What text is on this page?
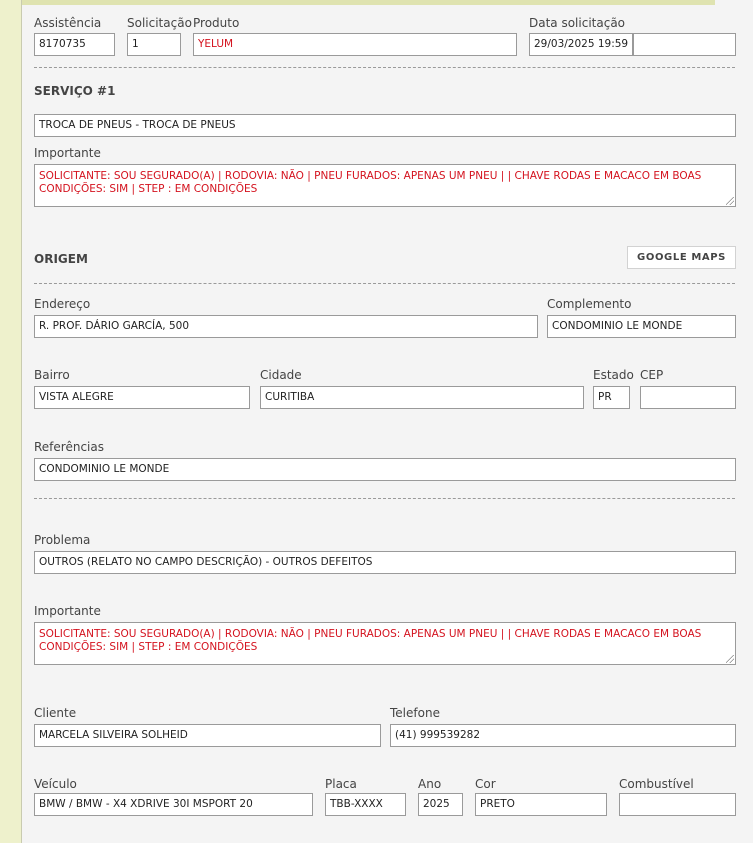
Assistência
8170735
Solicitação
1
Produto
YELUM
Data solicitação
29/03/2025 19:59
SERVIÇO #1
TROCA DE PNEUS - TROCA DE PNEUS
Importante
SOLICITANTE: SOU SEGURADO(A) | RODOVIA: NÃO | PNEU FURADOS: APENAS UM PNEU | | CHAVE RODAS E MACACO EM BOAS CONDIÇÕES: SIM | STEP : EM CONDIÇÕES
ORIGEM	GOOGLE MAPS
Endereço
R. PROF. DÁRIO GARCÍA, 500
Complemento
CONDOMINIO LE MONDE
Bairro
VISTA ALEGRE
Cidade
CURITIBA
Estado
PR
CEP
Referências
CONDOMINIO LE MONDE
Problema
OUTROS (RELATO NO CAMPO DESCRIÇÃO) - OUTROS DEFEITOS
Importante
SOLICITANTE: SOU SEGURADO(A) | RODOVIA: NÃO | PNEU FURADOS: APENAS UM PNEU | | CHAVE RODAS E MACACO EM BOAS CONDIÇÕES: SIM | STEP : EM CONDIÇÕES
Cliente
MARCELA SILVEIRA SOLHEID
Telefone
(41) 999539282
Veículo
BMW / BMW - X4 XDRIVE 30I MSPORT 20
Placa
TBB-XXXX
Ano
2025
Cor
PRETO
Combustível
